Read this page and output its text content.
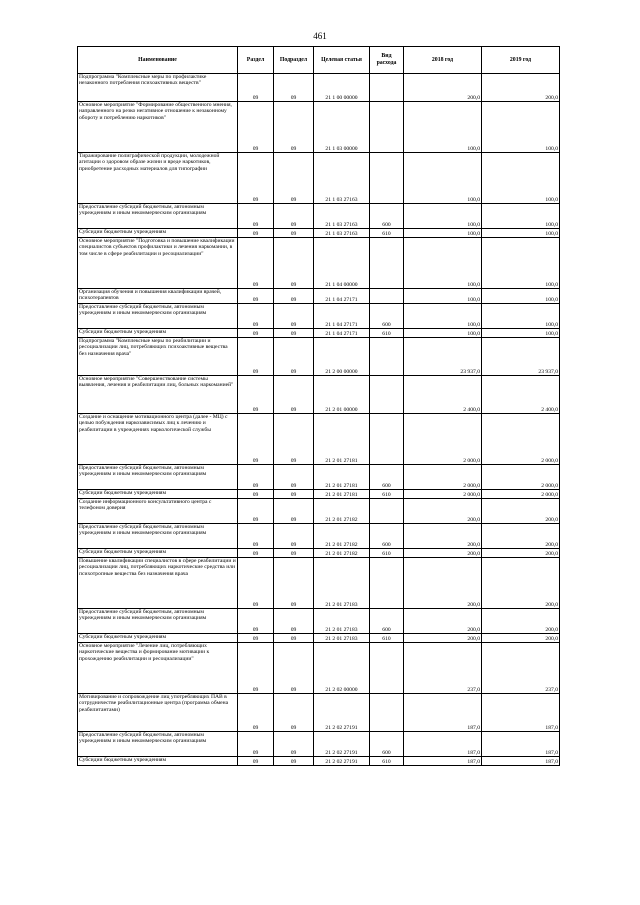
461
Наименование	Раздел	Подраздел	Целевая статья	Вид расхода	2018 год	2019 год
Подпрограмма "Комплексные меры по профилактике незаконного потребления психоактивных веществ"	09	09	21 1 00 00000		200,0	200,0
Основное мероприятие "Формирование общественного мнения, направленного на резко негативное отношение к незаконному обороту и потреблению наркотиков"	09	09	21 1 03 00000		100,0	100,0
Тиражирование полиграфической продукции, молодежной агитации о здоровом образе жизни и вреде наркотиков, приобретение расходных материалов для типографии	09	09	21 1 03 27163		100,0	100,0
Предоставление субсидий бюджетным, автономным учреждениям и иным некоммерческим организациям	09	09	21 1 03 27163	600	100,0	100,0
Субсидии бюджетным учреждениям	09	09	21 1 03 27163	610	100,0	100,0
Основное мероприятие "Подготовка и повышение квалификации специалистов субъектов профилактики и лечения наркомании, в том числе в сфере реабилитации и ресоциализации"	09	09	21 1 04 00000		100,0	100,0
Организация обучения и повышения квалификации врачей, психотерапевтов	09	09	21 1 04 27171		100,0	100,0
Предоставление субсидий бюджетным, автономным учреждениям и иным некоммерческим организациям	09	09	21 1 04 27171	600	100,0	100,0
Субсидии бюджетным учреждениям	09	09	21 1 04 27171	610	100,0	100,0
Подпрограмма "Комплексные меры по реабилитации и ресоциализации лиц, потребляющих психоактивные вещества без назначения врача"	09	09	21 2 00 00000		23 937,0	23 937,0
Основное мероприятие "Совершенствование системы выявления, лечения и реабилитации лиц, больных наркоманией"	09	09	21 2 01 00000		2 400,0	2 400,0
Создание и оснащение мотивационного центра (далее - МЦ) с целью побуждения наркозависимых лиц к лечению и реабилитации в учреждениях наркологической службы	09	09	21 2 01 27181		2 000,0	2 000,0
Предоставление субсидий бюджетным, автономным учреждениям и иным некоммерческим организациям	09	09	21 2 01 27181	600	2 000,0	2 000,0
Субсидии бюджетным учреждениям	09	09	21 2 01 27181	610	2 000,0	2 000,0
Создание информационного консультативного центра с телефоном доверия	09	09	21 2 01 27182		200,0	200,0
Предоставление субсидий бюджетным, автономным учреждениям и иным некоммерческим организациям	09	09	21 2 01 27182	600	200,0	200,0
Субсидии бюджетным учреждениям	09	09	21 2 01 27182	610	200,0	200,0
Повышение квалификации специалистов в сфере реабилитации и ресоциализации лиц, потребляющих наркотические средства или психотропные вещества без назначения врача	09	09	21 2 01 27183		200,0	200,0
Предоставление субсидий бюджетным, автономным учреждениям и иным некоммерческим организациям	09	09	21 2 01 27183	600	200,0	200,0
Субсидии бюджетным учреждениям	09	09	21 2 01 27183	610	200,0	200,0
Основное мероприятие "Лечение лиц, потребляющих наркотические вещества и формирование мотивации к прохождению реабилитации и ресоциализации"	09	09	21 2 02 00000		237,0	237,0
Мотивирование и сопровождение лиц употребляющих ПАВ в сотрудничестве реабилитационные центра (программа обмена реабилитантами)	09	09	21 2 02 27191		187,0	187,0
Предоставление субсидий бюджетным, автономным учреждениям и иным некоммерческим организациям	09	09	21 2 02 27191	600	187,0	187,0
Субсидии бюджетным учреждениям	09	09	21 2 02 27191	610	187,0	187,0
